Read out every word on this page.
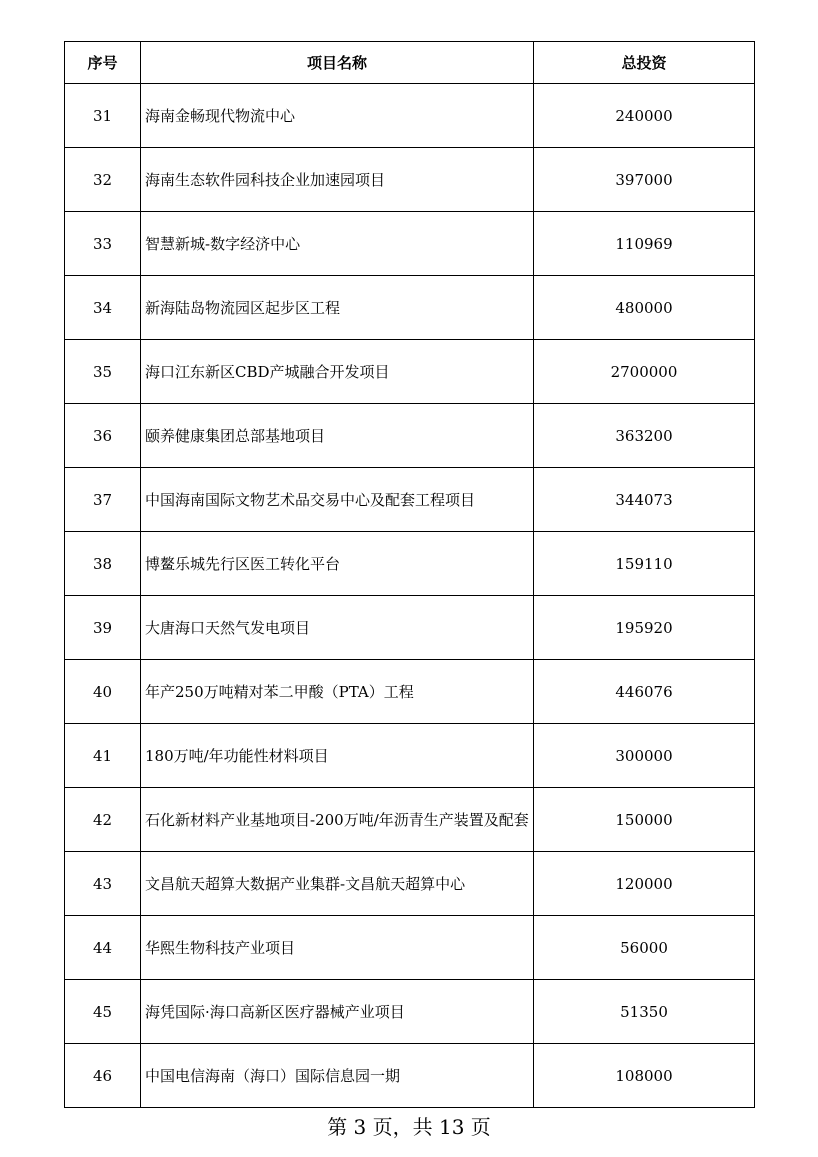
序号	项目名称	总投资
31	海南金畅现代物流中心	240000
32	海南生态软件园科技企业加速园项目	397000
33	智慧新城-数字经济中心	110969
34	新海陆岛物流园区起步区工程	480000
35	海口江东新区CBD产城融合开发项目	2700000
36	颐养健康集团总部基地项目	363200
37	中国海南国际文物艺术品交易中心及配套工程项目	344073
38	博鳌乐城先行区医工转化平台	159110
39	大唐海口天然气发电项目	195920
40	年产250万吨精对苯二甲酸（PTA）工程	446076
41	180万吨/年功能性材料项目	300000
42	石化新材料产业基地项目-200万吨/年沥青生产装置及配套	150000
43	文昌航天超算大数据产业集群-文昌航天超算中心	120000
44	华熙生物科技产业项目	56000
45	海凭国际·海口高新区医疗器械产业项目	51350
46	中国电信海南（海口）国际信息园一期	108000
第 3 页，共 13 页
